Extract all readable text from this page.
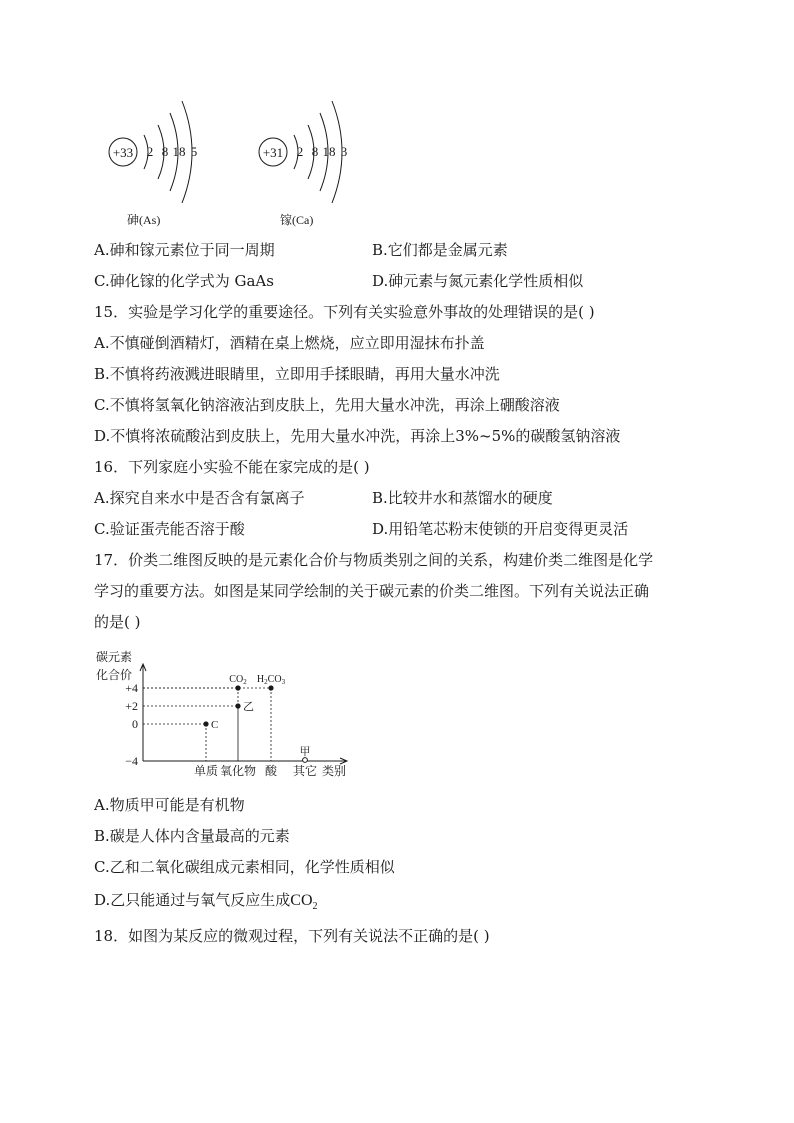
+33 2 8 18 5
砷(As)
+31 2 8 18 3
镓(Ca)
A.砷和镓元素位于同一周期	B.它们都是金属元素
C.砷化镓的化学式为 GaAs	D.砷元素与氮元素化学性质相似
15．实验是学习化学的重要途径。下列有关实验意外事故的处理错误的是( )
A.不慎碰倒酒精灯，酒精在桌上燃烧，应立即用湿抹布扑盖
B.不慎将药液溅进眼睛里，立即用手揉眼睛，再用大量水冲洗
C.不慎将氢氧化钠溶液沾到皮肤上，先用大量水冲洗，再涂上硼酸溶液
D.不慎将浓硫酸沾到皮肤上，先用大量水冲洗，再涂上3%~5%的碳酸氢钠溶液
16．下列家庭小实验不能在家完成的是( )
A.探究自来水中是否含有氯离子	B.比较井水和蒸馏水的硬度
C.验证蛋壳能否溶于酸	D.用铅笔芯粉末使锁的开启变得更灵活
17．价类二维图反映的是元素化合价与物质类别之间的关系，构建价类二维图是化学
学习的重要方法。如图是某同学绘制的关于碳元素的价类二维图。下列有关说法正确
的是( )
碳元素
化合价
类别
+4
+2
0
−4
单质 氧化物 酸 其它
C
乙
$CO_2$ $H_2CO_3$
甲
A.物质甲可能是有机物
B.碳是人体内含量最高的元素
C.乙和二氧化碳组成元素相同，化学性质相似
D.乙只能通过与氧气反应生成$CO_2$
18．如图为某反应的微观过程，下列有关说法不正确的是( )
